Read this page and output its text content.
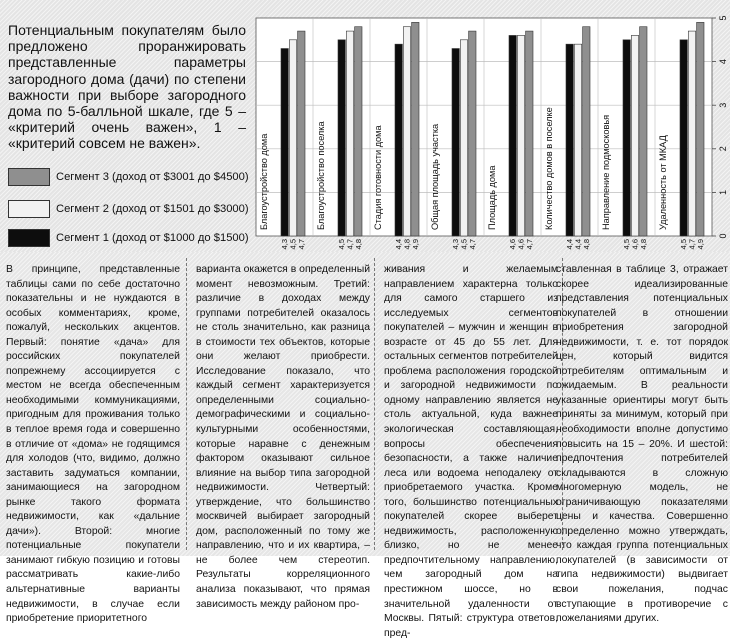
Потенциальным покупателям было предложено проранжировать представленные параметры загородного дома (дачи) по степени важности при выборе загородного дома по 5-балльной шкале, где 5 – «критерий очень важен», 1 – «критерий совсем не важен».

Сегмент 3 (доход от $3001 до $4500)
Сегмент 2 (доход от $1501 до $3000)
Сегмент 1 (доход от $1000 до $1500)	0
1
2
3
4
5
4,3 4,5 4,7
Благоустройство дома
4,5 4,7 4,8
Благоустройство поселка
4,4 4,8 4,9
Стадия готовности дома
4,3 4,5 4,7
Общая площадь участка
4,6 4,6 4,7
Площадь дома
4,4 4,4 4,8
Количество домов в поселке
4,5 4,6 4,8
Направление подмосковья
4,5 4,7 4,9
Удаленность от МКАД

В принципе, представленные таблицы сами по себе достаточно показательны и не нуждаются в особых комментариях, кроме, пожалуй, нескольких акцентов. Первый: понятие «дача» для российских покупателей попрежнему ассоциируется с местом не всегда обеспеченным необходимыми коммуникациями, пригодным для проживания только в теплое время года и совершенно в отличие от «дома» не годящимся для холодов (что, видимо, должно заставить задуматься компании, занимающиеся на загородном рынке такого формата недвижимости, как «дальние дачи»). Второй: многие потенциальные покупатели занимают гибкую позицию и готовы рассматривать какие-либо альтернативные варианты недвижимости, в случае если приобретение приоритетного

варианта окажется в определенный момент невозможным. Третий: различие в доходах между группами потребителей оказалось не столь значительно, как разница в стоимости тех объектов, которые они желают приобрести. Исследование показало, что каждый сегмент характеризуется определенными социально-демографическими и социально-культурными особенностями, которые наравне с денежным фактором оказывают сильное влияние на выбор типа загородной недвижимости. Четвертый: утверждение, что большинство москвичей выбирает загородный дом, расположенный по тому же направлению, что и их квартира, – не более чем стереотип. Результаты корреляционного анализа показывают, что прямая зависимость между районом про-

живания и желаемым направлением характерна только для самого старшего из исследуемых сегментов покупателей – мужчин и женщин в возрасте от 45 до 55 лет. Для остальных сегментов потребителей проблема расположения городской и загородной недвижимости по одному направлению является не столь актуальной, куда важнее экологическая составляющая, вопросы обеспечения безопасности, а также наличие леса или водоема неподалеку от приобретаемого участка. Кроме того, большинство потенциальных покупателей скорее выберет недвижимость, расположенную близко, но не менее предпочтительному направлению, чем загородный дом на престижном шоссе, но в значительной удаленности от Москвы. Пятый: структура ответов, пред-

ставленная в таблице 3, отражает скорее идеализированные представления потенциальных покупателей в отношении приобретения загородной недвижимости, т. е. тот порядок цен, который видится потребителям оптимальным и ожидаемым. В реальности указанные ориентиры могут быть приняты за минимум, который при необходимости вполне допустимо повысить на 15 – 20%. И шестой: предпочтения потребителей складываются в сложную многомерную модель, не ограничивающую показателями цены и качества. Совершенно определенно можно утверждать, что каждая группа потенциальных покупателей (в зависимости от типа недвижимости) выдвигает свои пожелания, подчас вступающие в противоречие с пожеланиями других.
